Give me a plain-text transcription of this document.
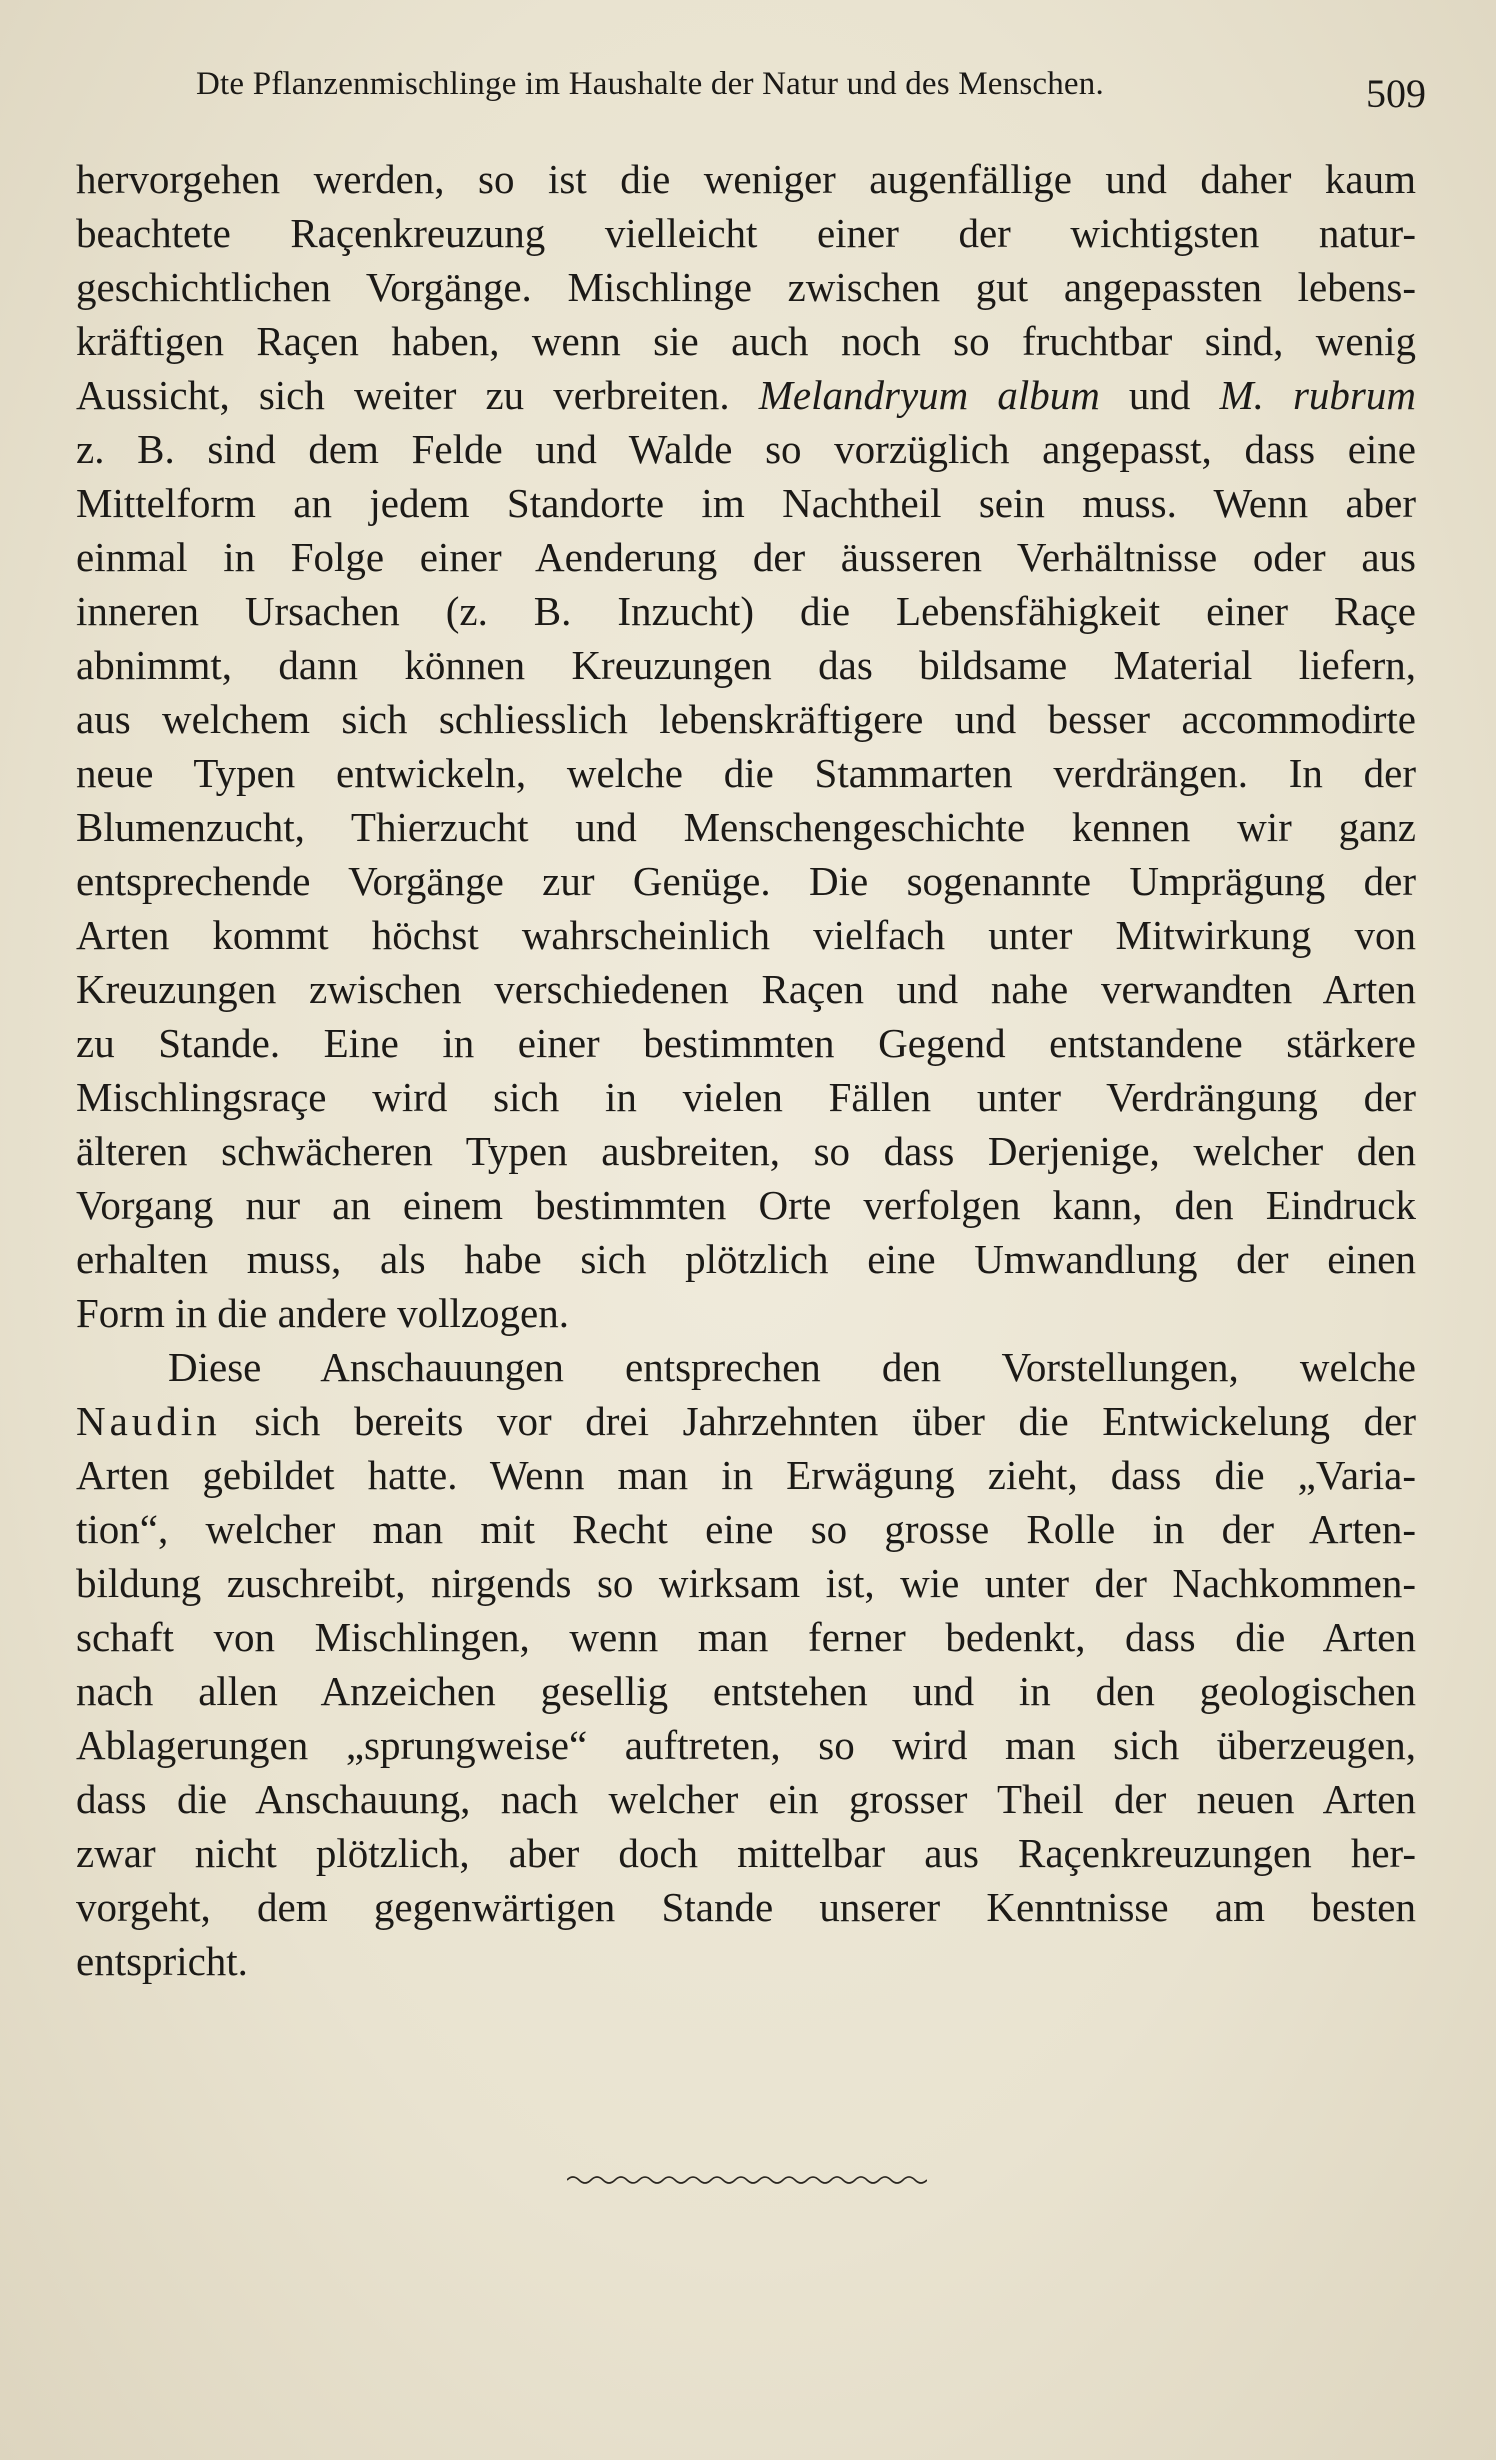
Dte Pflanzenmischlinge im Haushalte der Natur und des Menschen.	509
hervorgehen werden, so ist die weniger augenfällige und daher kaum
beachtete Raçenkreuzung vielleicht einer der wichtigsten natur-
geschichtlichen Vorgänge. Mischlinge zwischen gut angepassten lebens-
kräftigen Raçen haben, wenn sie auch noch so fruchtbar sind, wenig
Aussicht, sich weiter zu verbreiten. Melandryum album und M. rubrum
z. B. sind dem Felde und Walde so vorzüglich angepasst, dass eine
Mittelform an jedem Standorte im Nachtheil sein muss. Wenn aber
einmal in Folge einer Aenderung der äusseren Verhältnisse oder aus
inneren Ursachen (z. B. Inzucht) die Lebensfähigkeit einer Raçe
abnimmt, dann können Kreuzungen das bildsame Material liefern,
aus welchem sich schliesslich lebenskräftigere und besser accommodirte
neue Typen entwickeln, welche die Stammarten verdrängen. In der
Blumenzucht, Thierzucht und Menschengeschichte kennen wir ganz
entsprechende Vorgänge zur Genüge. Die sogenannte Umprägung der
Arten kommt höchst wahrscheinlich vielfach unter Mitwirkung von
Kreuzungen zwischen verschiedenen Raçen und nahe verwandten Arten
zu Stande. Eine in einer bestimmten Gegend entstandene stärkere
Mischlingsraçe wird sich in vielen Fällen unter Verdrängung der
älteren schwächeren Typen ausbreiten, so dass Derjenige, welcher den
Vorgang nur an einem bestimmten Orte verfolgen kann, den Eindruck
erhalten muss, als habe sich plötzlich eine Umwandlung der einen
Form in die andere vollzogen.
Diese Anschauungen entsprechen den Vorstellungen, welche
Naudin sich bereits vor drei Jahrzehnten über die Entwickelung der
Arten gebildet hatte. Wenn man in Erwägung zieht, dass die „Varia-
tion“, welcher man mit Recht eine so grosse Rolle in der Arten-
bildung zuschreibt, nirgends so wirksam ist, wie unter der Nachkommen-
schaft von Mischlingen, wenn man ferner bedenkt, dass die Arten
nach allen Anzeichen gesellig entstehen und in den geologischen
Ablagerungen „sprungweise“ auftreten, so wird man sich überzeugen,
dass die Anschauung, nach welcher ein grosser Theil der neuen Arten
zwar nicht plötzlich, aber doch mittelbar aus Raçenkreuzungen her-
vorgeht, dem gegenwärtigen Stande unserer Kenntnisse am besten
entspricht.
